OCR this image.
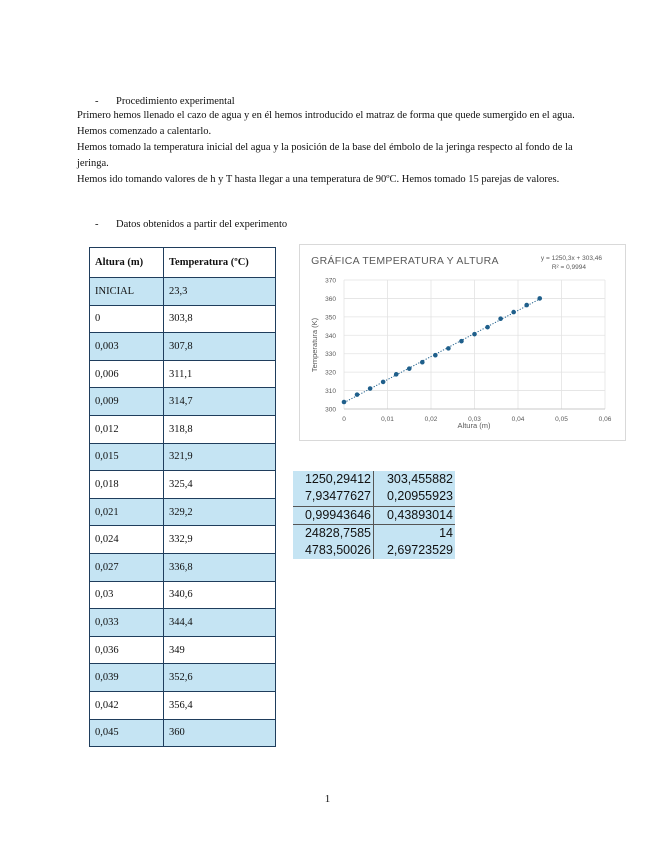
- Procedimiento experimental

Primero hemos llenado el cazo de agua y en él hemos introducido el matraz de forma que quede sumergido en el agua. Hemos comenzado a calentarlo.

Hemos tomado la temperatura inicial del agua y la posición de la base del émbolo de la jeringa respecto al fondo de la jeringa.

Hemos ido tomando valores de h y T hasta llegar a una temperatura de 90ºC. Hemos tomado 15 parejas de valores.

- Datos obtenidos a partir del experimento
Altura (m)	Temperatura (ºC)
INICIAL	23,3
0	303,8
0,003	307,8
0,006	311,1
0,009	314,7
0,012	318,8
0,015	321,9
0,018	325,4
0,021	329,2
0,024	332,9
0,027	336,8
0,03	340,6
0,033	344,4
0,036	349
0,039	352,6
0,042	356,4
0,045	360
0	0,01	0,02	0,03	0,04	0,05	0,06
300
310
320
330
340
350
360
370
GRÁFICA TEMPERATURA Y ALTURA	y = 1250,3x + 303,46
R² = 0,9994
Altura (m)
Temperatura (K)
1250,29412	303,455882
7,93477627	0,20955923
0,99943646	0,43893014
24828,7585	14
4783,50026	2,69723529
1
